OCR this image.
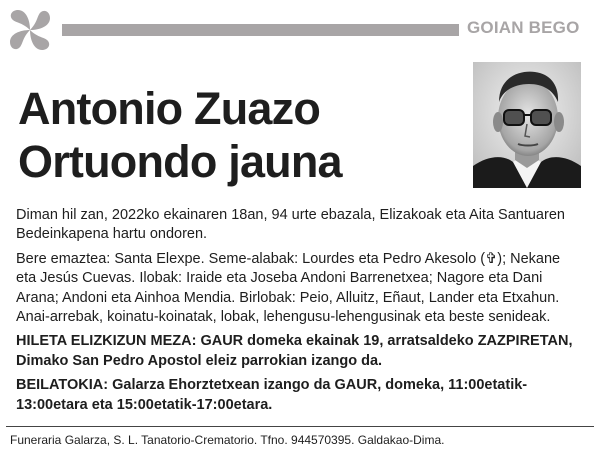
GOIAN BEGO
Antonio Zuazo
Ortuondo jauna

Diman hil zan, 2022ko ekainaren 18an, 94 urte ebazala, Elizakoak eta Aita Santuaren Bedeinkapena hartu ondoren.

Bere emaztea: Santa Elexpe. Seme-alabak: Lourdes eta Pedro Akesolo (✞); Nekane eta Jesús Cuevas. Ilobak: Iraide eta Joseba Andoni Barrenetxea; Nagore eta Dani Arana; Andoni eta Ainhoa Mendia. Birlobak: Peio, Alluitz, Eñaut, Lander eta Etxahun. Anai-arrebak, koinatu-koinatak, lobak, lehengusu-lehengusinak eta beste senideak.

HILETA ELIZKIZUN MEZA: GAUR domeka ekainak 19, arratsaldeko ZAZPIRETAN, Dimako San Pedro Apostol eleiz parrokian izango da.

BEILATOKIA: Galarza Ehorztetxean izango da GAUR, domeka, 11:00etatik-13:00etara eta 15:00etatik-17:00etara.

Funeraria Galarza, S. L. Tanatorio-Crematorio. Tfno. 944570395. Galdakao-Dima.
